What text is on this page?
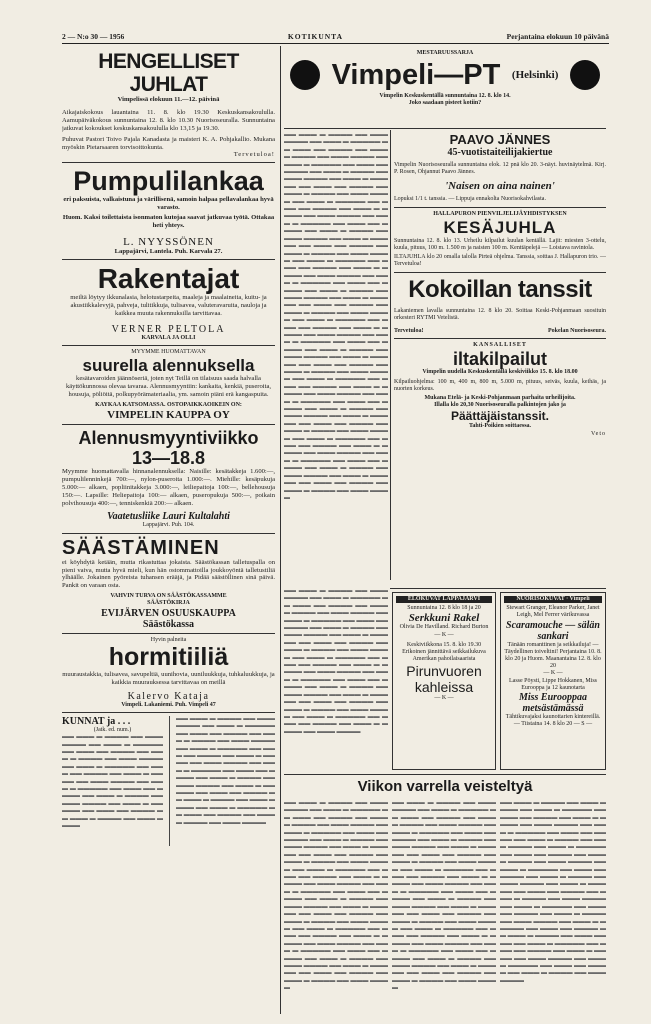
2 — N:o 30 — 1956	KOTIKUNTA	Perjantaina elokuun 10 päivänä
HENGELLISET JUHLAT
Vimpelissä elokuun 11.—12. päivinä

Aikajaiskokous lauantaina 11. 8. klo 19.30 Keskuskansakoululla. Aamupäiväkokous sunnuntaina 12. 8. klo 10.30 Nuorisoseuralla. Sunnuntaina jatkuvat kokoukset keskuskansakoululla klo 13,15 ja 19.30.

Puhuvat Pastori Toivo Pajala Kanadasta ja maisteri K. A. Pohjakallio. Mukana myöskin Pietarsaaren torvisoittokunta.

Tervetuloa!
Pumpulilankaa

eri paksuista, valkaistuna ja värillisenä, samoin halpaa pellavalankaa hyvä varasto.

Huom. Kaksi toilettaista isonmaton kutojaa saavat jatkuvaa työtä. Ottakaa heti yhteys.

L. NYYSSÖNEN
Lappajärvi, Lantela. Puh. Karvala 27.
Rakentajat

meiltä löytyy ikkunalasia, helotustarpeita, maaleja ja maalaineita, kuitu- ja akustiikkalevyjä, pahveja, tulitikkuja, tulisavea, valuteravaruita, nauloja ja kaikkea muuta rakennuksilla tarvittavaa.

VERNER PELTOLA
KARVALA JA OLLI
MYYMME HUOMATTAVAN
suurella alennuksella

kesätavaroiden jäännöseriä, joten nyt Teillä on tilaisuus saada halvalla käyttökunnossa olevaa tavaraa. Alennusmyyntiin: kankaita, kenkiä, puseroita, housuja, pöliöitä, polkupyörämateriaalia, ym. samoin piäni erä kangaspuita.

KAYKAA KATSOMASSA. OSTOPAIKKAOIKEIN ON:
VIMPELIN KAUPPA OY
Alennusmyyntiviikko
13—18.8

Myymme huomattavalla hinnanalennuksella: Naisille: kesätakkeja 1.600:—, pumpulilenninkejä 700:—, nylon-puseroita 1.000:—. Miehille: kesäpukuja 5.000:— alkaen, popliinitakkeja 3.000:—, leiliepaitoja 100:—, bellehousuja 150:—. Lapsille: Heliepaitoja 100:— alkaen, puseropukuja 500:—, poikain polvihousuja 400:—, tenniskenkiä 200:— alkaen.

Vaatetusliike Lauri Kultalahti
Lappajärvi. Puh. 104.
SÄÄSTÄMINEN

ei köyhdytä ketään, mutta rikastuttaa jokaista. Säästökassan talletuspalla on pieni vaiva, mutta hyvä mieli, kun hän ostommattoilla joukkoyöntä talletustiliä ylhäälle. Jokainen pyöreista tuhansen erääjä, ja Pidää säästöllinen sinä päivä. Pankit on varaan osta.

VAHVIN TURVA ON SÄÄSTÖKASSAMME
SÄÄSTÖKIRJA
EVIJÄRVEN OSUUSKAUPPA
Säästökassa
Hyvin palneita
hormitiiliä

muuraustakkia, tulisavea, savupeltiä, uunihovia, uuniluukkuja, tuhkaluukkuja, ja kaikkia muurauksessa tarvittavaa on meillä

Kalervo Kataja
Vimpeli. Lakaniemi. Puh. Vimpeli 47
KUNNAT ja . . .
(Jatk. ed. num.)
▬▬ ▬▬▬ ▬ ▬▬▬▬ ▬▬ ▬▬▬ ▬▬▬▬ ▬▬ ▬▬▬ ▬ ▬▬▬▬▬ ▬▬ ▬▬▬ ▬▬ ▬▬▬▬ ▬▬ ▬▬▬ ▬ ▬▬▬▬ ▬▬ ▬▬▬ ▬▬▬▬ ▬▬ ▬▬▬ ▬ ▬▬▬▬▬ ▬▬ ▬▬▬ ▬▬ ▬▬▬▬ ▬▬ ▬▬▬ ▬ ▬▬▬▬ ▬▬ ▬▬▬ ▬▬▬▬ ▬▬ ▬▬▬ ▬ ▬▬▬▬▬ ▬▬ ▬▬▬ ▬▬ ▬▬▬▬ ▬▬ ▬▬▬ ▬ ▬▬▬▬ ▬▬ ▬▬▬ ▬▬▬▬ ▬▬ ▬▬▬ ▬ ▬▬▬▬▬ ▬▬ ▬▬▬ ▬▬ ▬▬▬▬ ▬▬ ▬▬▬ ▬ ▬▬▬▬ ▬▬ ▬▬▬ ▬▬▬▬
▬▬ ▬▬▬ ▬ ▬▬▬▬ ▬▬ ▬▬▬ ▬▬▬▬ ▬▬ ▬▬▬ ▬ ▬▬▬▬▬ ▬▬ ▬▬▬ ▬▬ ▬▬▬▬ ▬▬ ▬▬▬ ▬ ▬▬▬▬ ▬▬ ▬▬▬ ▬▬▬▬ ▬▬ ▬▬▬ ▬ ▬▬▬▬▬ ▬▬ ▬▬▬ ▬▬ ▬▬▬▬ ▬▬ ▬▬▬ ▬ ▬▬▬▬ ▬▬ ▬▬▬ ▬▬▬▬ ▬▬ ▬▬▬ ▬ ▬▬▬▬▬ ▬▬ ▬▬▬ ▬▬ ▬▬▬▬ ▬▬ ▬▬▬ ▬ ▬▬▬▬ ▬▬ ▬▬▬ ▬▬▬▬ ▬▬ ▬▬▬ ▬ ▬▬▬▬▬ ▬▬ ▬▬▬ ▬▬ ▬▬▬▬ ▬▬ ▬▬▬ ▬ ▬▬▬▬ ▬▬ ▬▬▬ ▬▬▬▬ ▬▬ ▬▬▬ ▬ ▬▬▬▬▬ ▬▬ ▬▬▬ ▬▬ ▬▬▬▬ ▬▬ ▬▬▬ ▬ ▬▬▬▬ ▬▬ ▬▬▬ ▬▬▬▬
MESTARUUSSARJA
Vimpeli—PT (Helsinki)
Vimpelin Keskuskentällä sunnuntaina 12. 8. klo 14.
Joko saadaan pisteet kotiin?
▬▬ ▬▬▬ ▬ ▬▬▬▬ ▬▬ ▬▬▬ ▬▬▬▬ ▬▬ ▬▬▬ ▬ ▬▬▬▬▬ ▬▬ ▬▬▬ ▬▬ ▬▬▬▬ ▬▬ ▬▬▬ ▬ ▬▬▬▬ ▬▬ ▬▬▬ ▬▬▬▬ ▬▬ ▬▬▬ ▬ ▬▬▬▬▬ ▬▬ ▬▬▬ ▬▬ ▬▬▬▬ ▬▬ ▬▬▬ ▬ ▬▬▬▬ ▬▬ ▬▬▬ ▬▬▬▬ ▬▬ ▬▬▬ ▬ ▬▬▬▬▬ ▬▬ ▬▬▬ ▬▬ ▬▬▬▬ ▬▬ ▬▬▬ ▬ ▬▬▬▬ ▬▬ ▬▬▬ ▬▬▬▬ ▬▬ ▬▬▬ ▬ ▬▬▬▬▬ ▬▬ ▬▬▬ ▬▬ ▬▬▬▬ ▬▬ ▬▬▬ ▬ ▬▬▬▬ ▬▬ ▬▬▬ ▬▬▬▬ ▬▬ ▬▬▬ ▬ ▬▬▬▬▬ ▬▬ ▬▬▬ ▬▬ ▬▬▬▬ ▬▬ ▬▬▬ ▬ ▬▬▬▬ ▬▬ ▬▬▬ ▬▬▬▬ ▬▬ ▬▬▬ ▬ ▬▬▬▬▬ ▬▬ ▬▬▬ ▬▬ ▬▬▬▬ ▬▬ ▬▬▬ ▬ ▬▬▬▬ ▬▬ ▬▬▬ ▬▬▬▬ ▬▬ ▬▬▬ ▬ ▬▬▬▬▬ ▬▬ ▬▬▬ ▬▬ ▬▬▬▬ ▬▬ ▬▬▬ ▬ ▬▬▬▬ ▬▬ ▬▬▬ ▬▬▬▬ ▬▬ ▬▬▬ ▬ ▬▬▬▬▬ ▬▬ ▬▬▬ ▬▬ ▬▬▬▬ ▬▬ ▬▬▬ ▬ ▬▬▬▬ ▬▬ ▬▬▬ ▬▬▬▬ ▬▬ ▬▬▬ ▬ ▬▬▬▬▬ ▬▬ ▬▬▬ ▬▬ ▬▬▬▬ ▬▬ ▬▬▬ ▬ ▬▬▬▬ ▬▬ ▬▬▬ ▬▬▬▬ ▬▬ ▬▬▬ ▬ ▬▬▬▬▬ ▬▬ ▬▬▬ ▬▬ ▬▬▬▬ ▬▬ ▬▬▬ ▬ ▬▬▬▬ ▬▬ ▬▬▬ ▬▬▬▬ ▬▬ ▬▬▬ ▬ ▬▬▬▬▬ ▬▬ ▬▬▬ ▬▬ ▬▬▬▬ ▬▬ ▬▬▬ ▬ ▬▬▬▬ ▬▬ ▬▬▬ ▬▬▬▬ ▬▬ ▬▬▬ ▬ ▬▬▬▬▬ ▬▬ ▬▬▬ ▬▬ ▬▬▬▬ ▬▬ ▬▬▬ ▬ ▬▬▬▬ ▬▬ ▬▬▬ ▬▬▬▬ ▬▬ ▬▬▬ ▬ ▬▬▬▬▬ ▬▬ ▬▬▬ ▬▬ ▬▬▬▬ ▬▬ ▬▬▬ ▬ ▬▬▬▬ ▬▬ ▬▬▬ ▬▬▬▬ ▬▬ ▬▬▬ ▬ ▬▬▬▬▬ ▬▬ ▬▬▬ ▬▬ ▬▬▬▬ ▬▬ ▬▬▬ ▬ ▬▬▬▬ ▬▬ ▬▬▬ ▬▬▬▬ ▬▬ ▬▬▬ ▬ ▬▬▬▬▬ ▬▬ ▬▬▬ ▬▬ ▬▬▬▬ ▬▬ ▬▬▬ ▬ ▬▬▬▬ ▬▬ ▬▬▬ ▬▬▬▬ ▬▬ ▬▬▬ ▬ ▬▬▬▬▬ ▬▬ ▬▬▬ ▬▬ ▬▬▬▬ ▬▬ ▬▬▬ ▬ ▬▬▬▬ ▬▬ ▬▬▬ ▬▬▬▬ ▬▬ ▬▬▬ ▬ ▬▬▬▬▬ ▬▬ ▬▬▬ ▬▬ ▬▬▬▬ ▬▬ ▬▬▬ ▬ ▬▬▬▬ ▬▬ ▬▬▬ ▬▬▬▬ ▬▬ ▬▬▬ ▬ ▬▬▬▬▬ ▬▬ ▬▬▬ ▬▬ ▬▬▬▬ ▬▬ ▬▬▬ ▬ ▬▬▬▬ ▬▬ ▬▬▬ ▬▬▬▬
PAAVO JÄNNES
45-vuotistaiteilijakiertue

Vimpelin Nuorisoseuralla sunnuntaina elok. 12 pnä klo 20. 3-näyt. huvinäytelmä. Kirj. P. Rosen, Ohjannut Paavo Jännes.

'Naisen on aina nainen'

Lopuksi 1/1 t. tanssia. — Lippuja ennakolta Nuorisokahvilasta.

HALLAPURON PIENVILJELIJÄYHDISTYKSEN
KESÄJUHLA

Sunnuntaina 12. 8. klo 13. Urheilu kilpailut kuulan kentällä. Lajit: miesten 3-ottelu, kuula, pituus, 100 m. 1.500 m ja naisten 100 m. Kenttäpelejä — Loistava ravintola.

ILTAJUHLA klo 20 omalla talolla Pirteä ohjelma. Tanssia, soittaa J. Hallapuron trio. — Tervetuloa!

Kokoillan tanssit

Lakaniemen lavalla sunnuntaina 12. 8 klo 20. Soittaa Keski-Pohjanmaan suosituin orkesteri RYTMI Vetelistä.

Tervetuloa!	Pokelan Nuorisoseura.
KANSALLISET
iltakilpailut

Vimpelin uudella Keskuskentällä keskiviikko 15. 8. klo 18.00

Kilpailuohjelma: 100 m, 400 m, 800 m, 5.000 m, pituus, seiväs, kuula, keihäs, ja nuorten korkeus.

Mukana Etelä- ja Keski-Pohjanmaan parhaita urheilijoita.

Illalla klo 20,30 Nuorisoseuralla palkintojen jako ja

Päättäjäistanssit.
Tahti-Poikien soittaessa.
Veto
ELOKUVAT LAPPAJÄRVI
Sunnuntaina 12. 8 klo 18 ja 20
Serkkuni Rakel
Olivia De Havilland. Richard Burton — K —
Keskiviikkona 15. 8. klo 19.30
Erikoinen jännittävä seikkailukuva Amerikan pahoilaisaarista
Pirunvuoren kahleissa
— K —
NUORISOKUVAT · Vimpeli
Stewart Granger, Eleanor Parker, Janet Leigh, Mel Ferrer värikuvassa
Scaramouche — sälän sankari
Tänään romanttinen ja seikkailuja! — Täydellinen toiveltini! Perjantaina 10. 8. klo 20 ja Huom. Maanantaina 12. 8. klo 20
— K —
Lasse Pöysti, Lippe Hokkanen, Miss Eurooppa ja 12 kaunotarta
Miss Eurooppaa metsästämässä
Tähtikuvajaksi kaunottarien kintereillä. — Tiistaina 14. 8 klo 20 — S —
▬▬ ▬▬▬ ▬ ▬▬▬▬ ▬▬ ▬▬▬ ▬▬▬▬ ▬▬ ▬▬▬ ▬ ▬▬▬▬▬ ▬▬ ▬▬▬ ▬▬ ▬▬▬▬ ▬▬ ▬▬▬ ▬ ▬▬▬▬ ▬▬ ▬▬▬ ▬▬▬▬ ▬▬ ▬▬▬ ▬ ▬▬▬▬▬ ▬▬ ▬▬▬ ▬▬ ▬▬▬▬ ▬▬ ▬▬▬ ▬ ▬▬▬▬ ▬▬ ▬▬▬ ▬▬▬▬ ▬▬ ▬▬▬ ▬ ▬▬▬▬▬ ▬▬ ▬▬▬ ▬▬ ▬▬▬▬ ▬▬ ▬▬▬ ▬ ▬▬▬▬ ▬▬ ▬▬▬ ▬▬▬▬ ▬▬ ▬▬▬ ▬ ▬▬▬▬▬ ▬▬ ▬▬▬ ▬▬ ▬▬▬▬ ▬▬ ▬▬▬ ▬ ▬▬▬▬ ▬▬ ▬▬▬ ▬▬▬▬ ▬▬ ▬▬▬ ▬ ▬▬▬▬▬ ▬▬ ▬▬▬ ▬▬ ▬▬▬▬ ▬▬ ▬▬▬ ▬ ▬▬▬▬ ▬▬ ▬▬▬ ▬▬▬▬ ▬▬ ▬▬▬ ▬ ▬▬▬▬▬ ▬▬ ▬▬▬ ▬▬ ▬▬▬▬ ▬▬ ▬▬▬ ▬ ▬▬▬▬ ▬▬ ▬▬▬ ▬▬▬▬ ▬▬ ▬▬▬ ▬ ▬▬▬▬▬ ▬▬ ▬▬▬ ▬▬ ▬▬▬▬ ▬▬ ▬▬▬ ▬ ▬▬▬▬ ▬▬ ▬▬▬ ▬▬▬▬
Viikon varrella veisteltyä
▬▬ ▬▬▬ ▬ ▬▬▬▬ ▬▬ ▬▬▬ ▬▬▬▬ ▬▬ ▬▬▬ ▬ ▬▬▬▬▬ ▬▬ ▬▬▬ ▬▬ ▬▬▬▬ ▬▬ ▬▬▬ ▬ ▬▬▬▬ ▬▬ ▬▬▬ ▬▬▬▬ ▬▬ ▬▬▬ ▬ ▬▬▬▬▬ ▬▬ ▬▬▬ ▬▬ ▬▬▬▬ ▬▬ ▬▬▬ ▬ ▬▬▬▬ ▬▬ ▬▬▬ ▬▬▬▬ ▬▬ ▬▬▬ ▬ ▬▬▬▬▬ ▬▬ ▬▬▬ ▬▬ ▬▬▬▬ ▬▬ ▬▬▬ ▬ ▬▬▬▬ ▬▬ ▬▬▬ ▬▬▬▬ ▬▬ ▬▬▬ ▬ ▬▬▬▬▬ ▬▬ ▬▬▬ ▬▬ ▬▬▬▬ ▬▬ ▬▬▬ ▬ ▬▬▬▬ ▬▬ ▬▬▬ ▬▬▬▬ ▬▬ ▬▬▬ ▬ ▬▬▬▬▬ ▬▬ ▬▬▬ ▬▬ ▬▬▬▬ ▬▬ ▬▬▬ ▬ ▬▬▬▬ ▬▬ ▬▬▬ ▬▬▬▬ ▬▬ ▬▬▬ ▬ ▬▬▬▬▬ ▬▬ ▬▬▬ ▬▬ ▬▬▬▬ ▬▬ ▬▬▬ ▬ ▬▬▬▬ ▬▬ ▬▬▬ ▬▬▬▬ ▬▬ ▬▬▬ ▬ ▬▬▬▬▬ ▬▬ ▬▬▬ ▬▬ ▬▬▬▬ ▬▬ ▬▬▬ ▬ ▬▬▬▬ ▬▬ ▬▬▬ ▬▬▬▬ ▬▬ ▬▬▬ ▬ ▬▬▬▬▬ ▬▬ ▬▬▬ ▬▬ ▬▬▬▬ ▬▬ ▬▬▬ ▬ ▬▬▬▬ ▬▬ ▬▬▬ ▬▬▬▬ ▬▬ ▬▬▬ ▬ ▬▬▬▬▬ ▬▬ ▬▬▬ ▬▬ ▬▬▬▬ ▬▬ ▬▬▬ ▬ ▬▬▬▬ ▬▬ ▬▬▬ ▬▬▬▬
▬▬ ▬▬▬ ▬ ▬▬▬▬ ▬▬ ▬▬▬ ▬▬▬▬ ▬▬ ▬▬▬ ▬ ▬▬▬▬▬ ▬▬ ▬▬▬ ▬▬ ▬▬▬▬ ▬▬ ▬▬▬ ▬ ▬▬▬▬ ▬▬ ▬▬▬ ▬▬▬▬ ▬▬ ▬▬▬ ▬ ▬▬▬▬▬ ▬▬ ▬▬▬ ▬▬ ▬▬▬▬ ▬▬ ▬▬▬ ▬ ▬▬▬▬ ▬▬ ▬▬▬ ▬▬▬▬ ▬▬ ▬▬▬ ▬ ▬▬▬▬▬ ▬▬ ▬▬▬ ▬▬ ▬▬▬▬ ▬▬ ▬▬▬ ▬ ▬▬▬▬ ▬▬ ▬▬▬ ▬▬▬▬ ▬▬ ▬▬▬ ▬ ▬▬▬▬▬ ▬▬ ▬▬▬ ▬▬ ▬▬▬▬ ▬▬ ▬▬▬ ▬ ▬▬▬▬ ▬▬ ▬▬▬ ▬▬▬▬ ▬▬ ▬▬▬ ▬ ▬▬▬▬▬ ▬▬ ▬▬▬ ▬▬ ▬▬▬▬ ▬▬ ▬▬▬ ▬ ▬▬▬▬ ▬▬ ▬▬▬ ▬▬▬▬ ▬▬ ▬▬▬ ▬ ▬▬▬▬▬ ▬▬ ▬▬▬ ▬▬ ▬▬▬▬ ▬▬ ▬▬▬ ▬ ▬▬▬▬ ▬▬ ▬▬▬ ▬▬▬▬ ▬▬ ▬▬▬ ▬ ▬▬▬▬▬ ▬▬ ▬▬▬ ▬▬ ▬▬▬▬ ▬▬ ▬▬▬ ▬ ▬▬▬▬ ▬▬ ▬▬▬ ▬▬▬▬ ▬▬ ▬▬▬ ▬ ▬▬▬▬▬ ▬▬ ▬▬▬ ▬▬ ▬▬▬▬ ▬▬ ▬▬▬ ▬ ▬▬▬▬ ▬▬ ▬▬▬ ▬▬▬▬ ▬▬ ▬▬▬ ▬ ▬▬▬▬▬ ▬▬ ▬▬▬ ▬▬ ▬▬▬▬ ▬▬ ▬▬▬ ▬ ▬▬▬▬ ▬▬ ▬▬▬ ▬▬▬▬
▬▬ ▬▬▬ ▬ ▬▬▬▬ ▬▬ ▬▬▬ ▬▬▬▬ ▬▬ ▬▬▬ ▬ ▬▬▬▬▬ ▬▬ ▬▬▬ ▬▬ ▬▬▬▬ ▬▬ ▬▬▬ ▬ ▬▬▬▬ ▬▬ ▬▬▬ ▬▬▬▬ ▬▬ ▬▬▬ ▬ ▬▬▬▬▬ ▬▬ ▬▬▬ ▬▬ ▬▬▬▬ ▬▬ ▬▬▬ ▬ ▬▬▬▬ ▬▬ ▬▬▬ ▬▬▬▬ ▬▬ ▬▬▬ ▬ ▬▬▬▬▬ ▬▬ ▬▬▬ ▬▬ ▬▬▬▬ ▬▬ ▬▬▬ ▬ ▬▬▬▬ ▬▬ ▬▬▬ ▬▬▬▬ ▬▬ ▬▬▬ ▬ ▬▬▬▬▬ ▬▬ ▬▬▬ ▬▬ ▬▬▬▬ ▬▬ ▬▬▬ ▬ ▬▬▬▬ ▬▬ ▬▬▬ ▬▬▬▬ ▬▬ ▬▬▬ ▬ ▬▬▬▬▬ ▬▬ ▬▬▬ ▬▬ ▬▬▬▬ ▬▬ ▬▬▬ ▬ ▬▬▬▬ ▬▬ ▬▬▬ ▬▬▬▬ ▬▬ ▬▬▬ ▬ ▬▬▬▬▬ ▬▬ ▬▬▬ ▬▬ ▬▬▬▬ ▬▬ ▬▬▬ ▬ ▬▬▬▬ ▬▬ ▬▬▬ ▬▬▬▬ ▬▬ ▬▬▬ ▬ ▬▬▬▬▬ ▬▬ ▬▬▬ ▬▬ ▬▬▬▬ ▬▬ ▬▬▬ ▬ ▬▬▬▬ ▬▬ ▬▬▬ ▬▬▬▬ ▬▬ ▬▬▬ ▬ ▬▬▬▬▬ ▬▬ ▬▬▬ ▬▬ ▬▬▬▬ ▬▬ ▬▬▬ ▬ ▬▬▬▬ ▬▬ ▬▬▬ ▬▬▬▬ ▬▬ ▬▬▬ ▬ ▬▬▬▬▬ ▬▬ ▬▬▬ ▬▬ ▬▬▬▬ ▬▬ ▬▬▬ ▬ ▬▬▬▬ ▬▬ ▬▬▬ ▬▬▬▬
